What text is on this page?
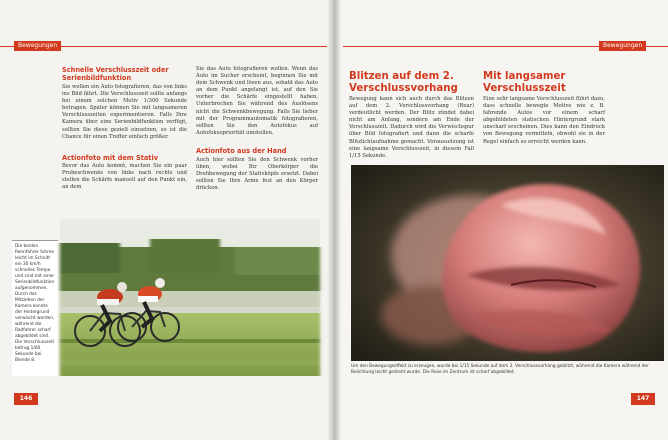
Bewegungen

Schnelle Verschlusszeit oder Serienbildfunktion

Sie wollen ein Auto fotografieren, das von links ins Bild fährt. Die Verschlusszeit sollte anfangs bei einem solchen Motiv 1/300 Sekunde betragen. Später können Sie mit langsameren Verschlusszeiten experimentieren. Falls Ihre Kamera über eine Serienbildfunktion verfügt, sollten Sie diese gezielt einsetzen, so ist die Chance für einen Treffer einfach größer.

Actionfoto mit dem Stativ

Bevor das Auto kommt, machen Sie ein paar Probeschwenks von links nach rechts und stellen die Schärfe manuell auf den Punkt ein, an dem

Sie das Auto fotografieren wollen. Wenn das Auto im Sucher erscheint, beginnen Sie mit dem Schwenk und lösen aus, sobald das Auto an dem Punkt angelangt ist, auf den Sie vorher die Schärfe eingestellt haben. Unterbrechen Sie während des Auslösens nicht die Schwenkbewegung. Falls Sie lieber mit der Programmautomatik fotografieren, sollten Sie den Autofokus auf Autofokuspriorität umstellen.

Actionfoto aus der Hand

Auch hier sollten Sie den Schwenk vorher üben, wobei Ihr Oberkörper die Drehbewegung der Stativköpfe ersetzt. Dabei sollten Sie Ihre Arme fest an den Körper drücken.

Die beiden Rennfahrer fuhren leicht im Schnitt ein 30 km/h schnelles Tempo und sind mit einer Serienbildfunktion aufgenommen. Durch das Mitziehen der Kamera konnte der Hintergrund verwischt werden, während die Radfahrer scharf abgebildet sind. Die Verschlusszeit betrug 1/60 Sekunde bei Blende 8.
146
Bewegungen

Blitzen auf dem 2. Verschlussvorhang

Bewegung kann sich auch durch das Blitzen auf dem 2. Verschlussvorhang (Rear) verdeutlicht werden. Der Blitz zündet dabei nicht am Anfang, sondern am Ende der Verschlusszeit. Dadurch wird die Verwischspur über Bild fotografiert und dann die scharfe Blitzlichtaufnahme gemacht. Voraussetzung ist eine langsame Verschlusszeit, in diesem Fall 1/15 Sekunde.

Mit langsamer Verschlusszeit

Eine sehr langsame Verschlusszeit führt dazu, dass schnelle bewegte Motive wie z. B. fahrende Autos vor einem scharf abgebildeten statischen Hintergrund stark unscharf erscheinen. Dies kann den Eindruck von Bewegung vermitteln, obwohl sie in der Regel einfach so erreicht werden kann.

Um den Bewegungseffekt zu erzeugen, wurde bei 1/15 Sekunde auf dem 2. Verschlussvorhang geblitzt, während die Kamera während der Belichtung leicht gedreht wurde. Die Rose im Zentrum ist scharf abgebildet.
147
